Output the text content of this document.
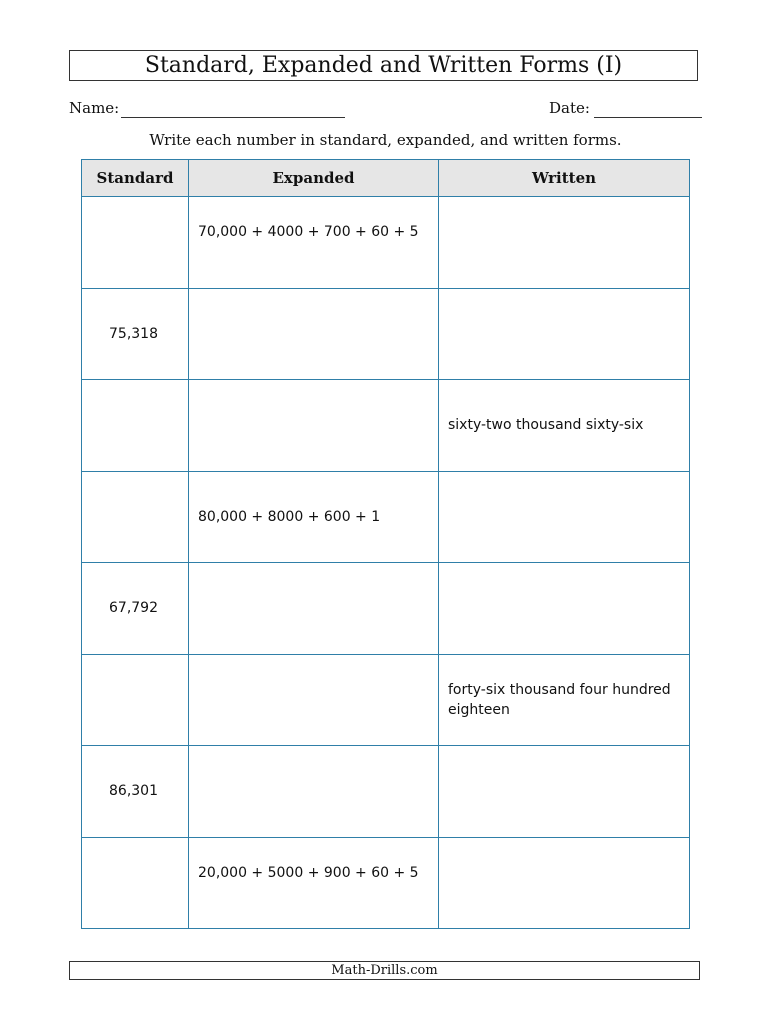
Standard, Expanded and Written Forms (I)
Name:	Date:
Write each number in standard, expanded, and written forms.
Standard	Expanded	Written

	70,000 + 4000 + 700 + 60 + 5	

75,318		

		sixty-two thousand sixty-six

	80,000 + 8000 + 600 + 1	

67,792		

		forty-six thousand four hundred eighteen

86,301		

	20,000 + 5000 + 900 + 60 + 5	

Math-Drills.com
